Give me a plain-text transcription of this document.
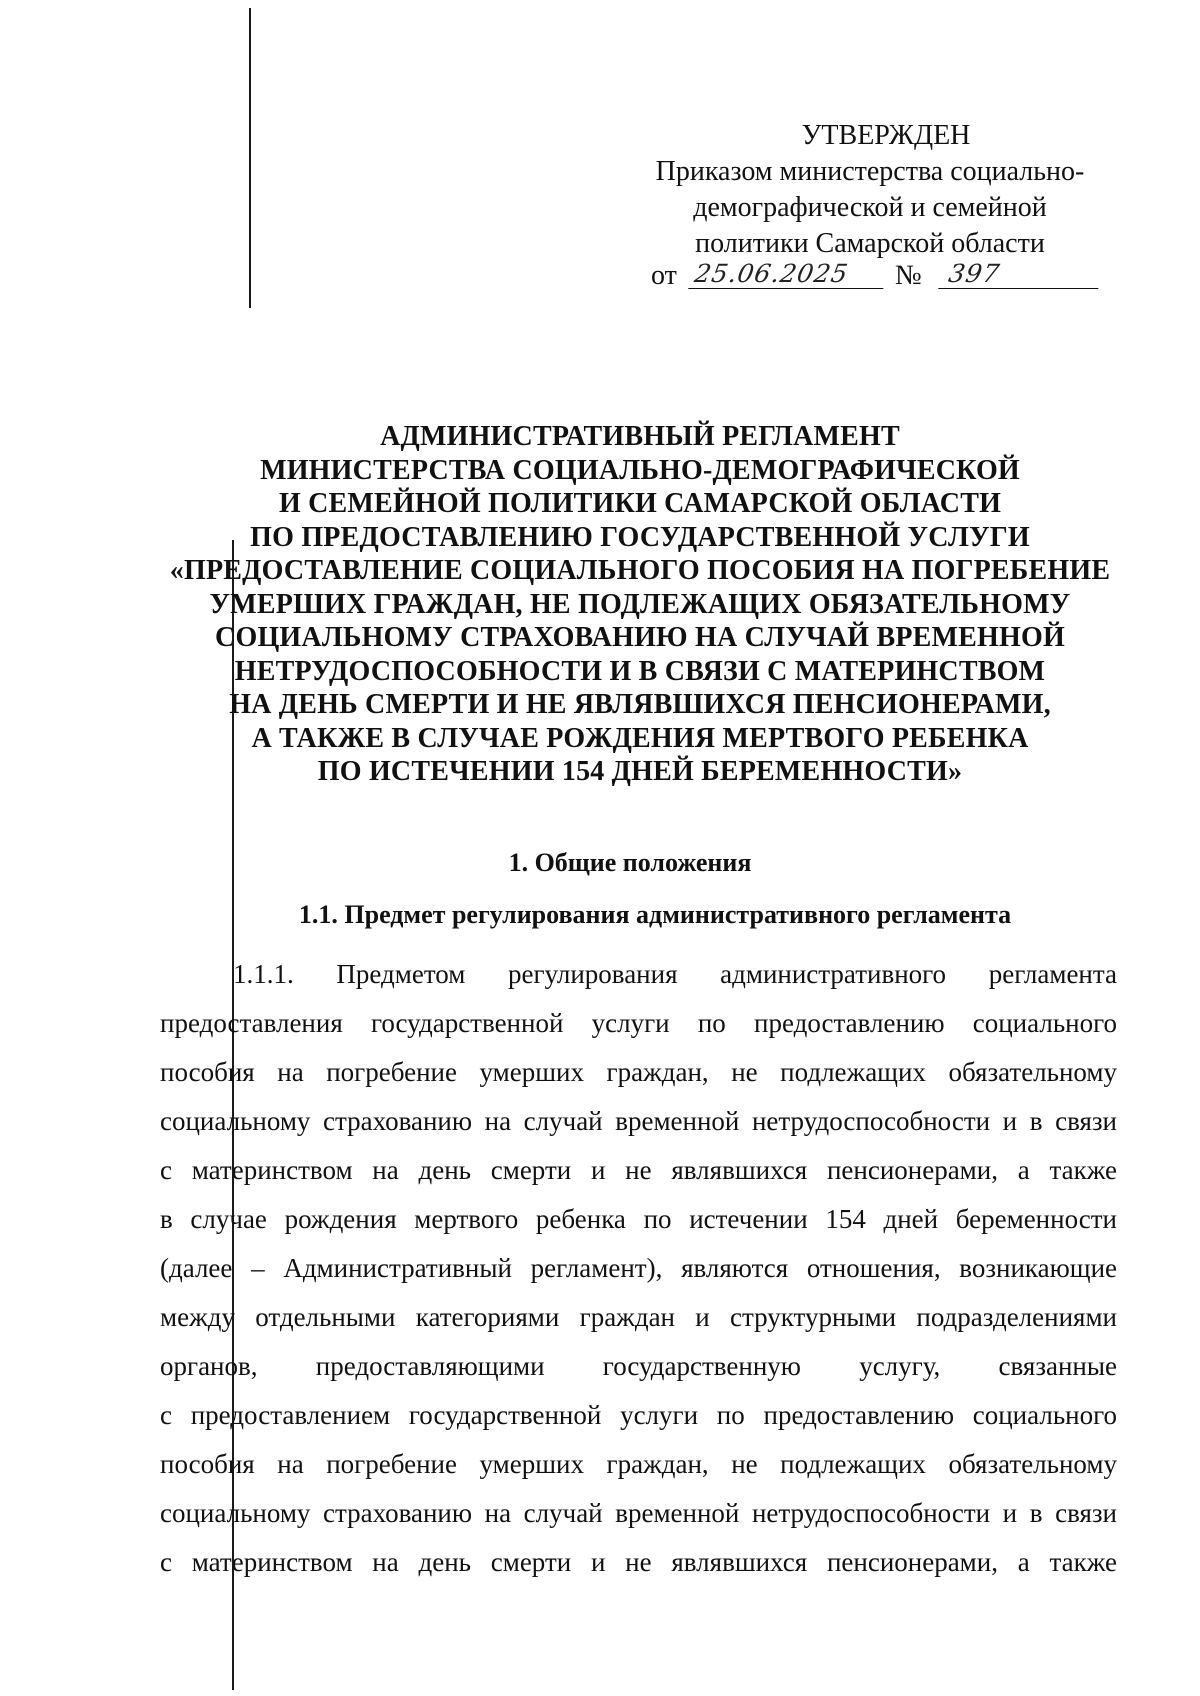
УТВЕРЖДЕН
Приказом министерства социально-
демографической и семейной
политики Самарской области
от 25.06.2025	№ 397
АДМИНИСТРАТИВНЫЙ РЕГЛАМЕНТ
МИНИСТЕРСТВА СОЦИАЛЬНО-ДЕМОГРАФИЧЕСКОЙ
И СЕМЕЙНОЙ ПОЛИТИКИ САМАРСКОЙ ОБЛАСТИ
ПО ПРЕДОСТАВЛЕНИЮ ГОСУДАРСТВЕННОЙ УСЛУГИ
«ПРЕДОСТАВЛЕНИЕ СОЦИАЛЬНОГО ПОСОБИЯ НА ПОГРЕБЕНИЕ
УМЕРШИХ ГРАЖДАН, НЕ ПОДЛЕЖАЩИХ ОБЯЗАТЕЛЬНОМУ
СОЦИАЛЬНОМУ СТРАХОВАНИЮ НА СЛУЧАЙ ВРЕМЕННОЙ
НЕТРУДОСПОСОБНОСТИ И В СВЯЗИ С МАТЕРИНСТВОМ
НА ДЕНЬ СМЕРТИ И НЕ ЯВЛЯВШИХСЯ ПЕНСИОНЕРАМИ,
А ТАКЖЕ В СЛУЧАЕ РОЖДЕНИЯ МЕРТВОГО РЕБЕНКА
ПО ИСТЕЧЕНИИ 154 ДНЕЙ БЕРЕМЕННОСТИ»
1. Общие положения
1.1. Предмет регулирования административного регламента
1.1.1. Предметом регулирования административного регламента
предоставления государственной услуги по предоставлению социального
пособия на погребение умерших граждан, не подлежащих обязательному
социальному страхованию на случай временной нетрудоспособности и в связи
с материнством на день смерти и не являвшихся пенсионерами, а также
в случае рождения мертвого ребенка по истечении 154 дней беременности
(далее – Административный регламент), являются отношения, возникающие
между отдельными категориями граждан и структурными подразделениями
органов, предоставляющими государственную услугу, связанные
с предоставлением государственной услуги по предоставлению социального
пособия на погребение умерших граждан, не подлежащих обязательному
социальному страхованию на случай временной нетрудоспособности и в связи
с материнством на день смерти и не являвшихся пенсионерами, а также
